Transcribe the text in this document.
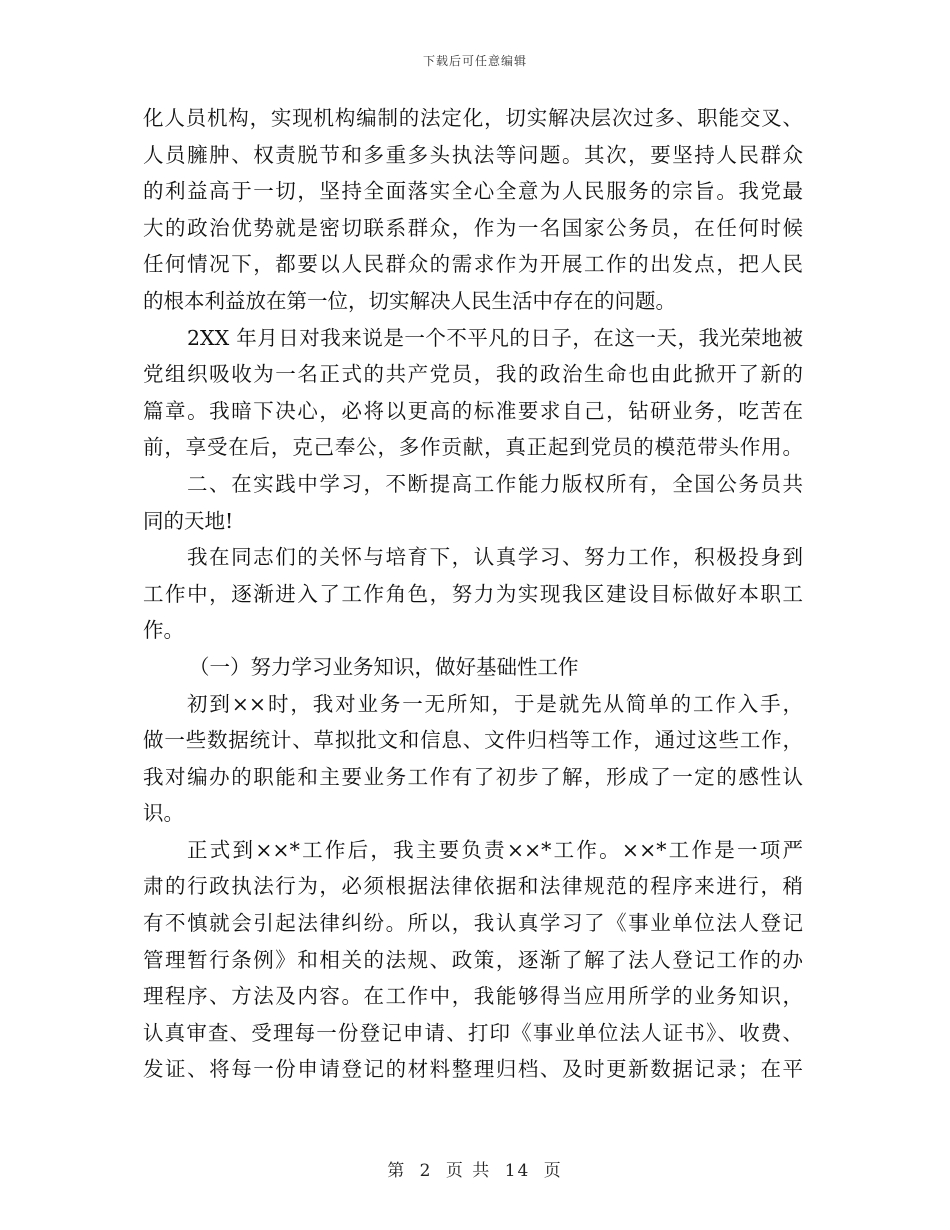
下载后可任意编辑
化人员机构，实现机构编制的法定化，切实解决层次过多、职能交叉、
人员臃肿、权责脱节和多重多头执法等问题。其次，要坚持人民群众
的利益高于一切，坚持全面落实全心全意为人民服务的宗旨。我党最
大的政治优势就是密切联系群众，作为一名国家公务员，在任何时候
任何情况下，都要以人民群众的需求作为开展工作的出发点，把人民
的根本利益放在第一位，切实解决人民生活中存在的问题。
2XX 年月日对我来说是一个不平凡的日子，在这一天，我光荣地被
党组织吸收为一名正式的共产党员，我的政治生命也由此掀开了新的
篇章。我暗下决心，必将以更高的标准要求自己，钻研业务，吃苦在
前，享受在后，克己奉公，多作贡献，真正起到党员的模范带头作用。
二、在实践中学习，不断提高工作能力版权所有，全国公务员共
同的天地!
我在同志们的关怀与培育下，认真学习、努力工作，积极投身到
工作中，逐渐进入了工作角色，努力为实现我区建设目标做好本职工
作。
（一）努力学习业务知识，做好基础性工作
初到××时，我对业务一无所知，于是就先从简单的工作入手，
做一些数据统计、草拟批文和信息、文件归档等工作，通过这些工作，
我对编办的职能和主要业务工作有了初步了解，形成了一定的感性认
识。
正式到××*工作后，我主要负责××*工作。××*工作是一项严
肃的行政执法行为，必须根据法律依据和法律规范的程序来进行，稍
有不慎就会引起法律纠纷。所以，我认真学习了《事业单位法人登记
管理暂行条例》和相关的法规、政策，逐渐了解了法人登记工作的办
理程序、方法及内容。在工作中，我能够得当应用所学的业务知识，
认真审查、受理每一份登记申请、打印《事业单位法人证书》、收费、
发证、将每一份申请登记的材料整理归档、及时更新数据记录；在平
第 2 页 共 14 页
